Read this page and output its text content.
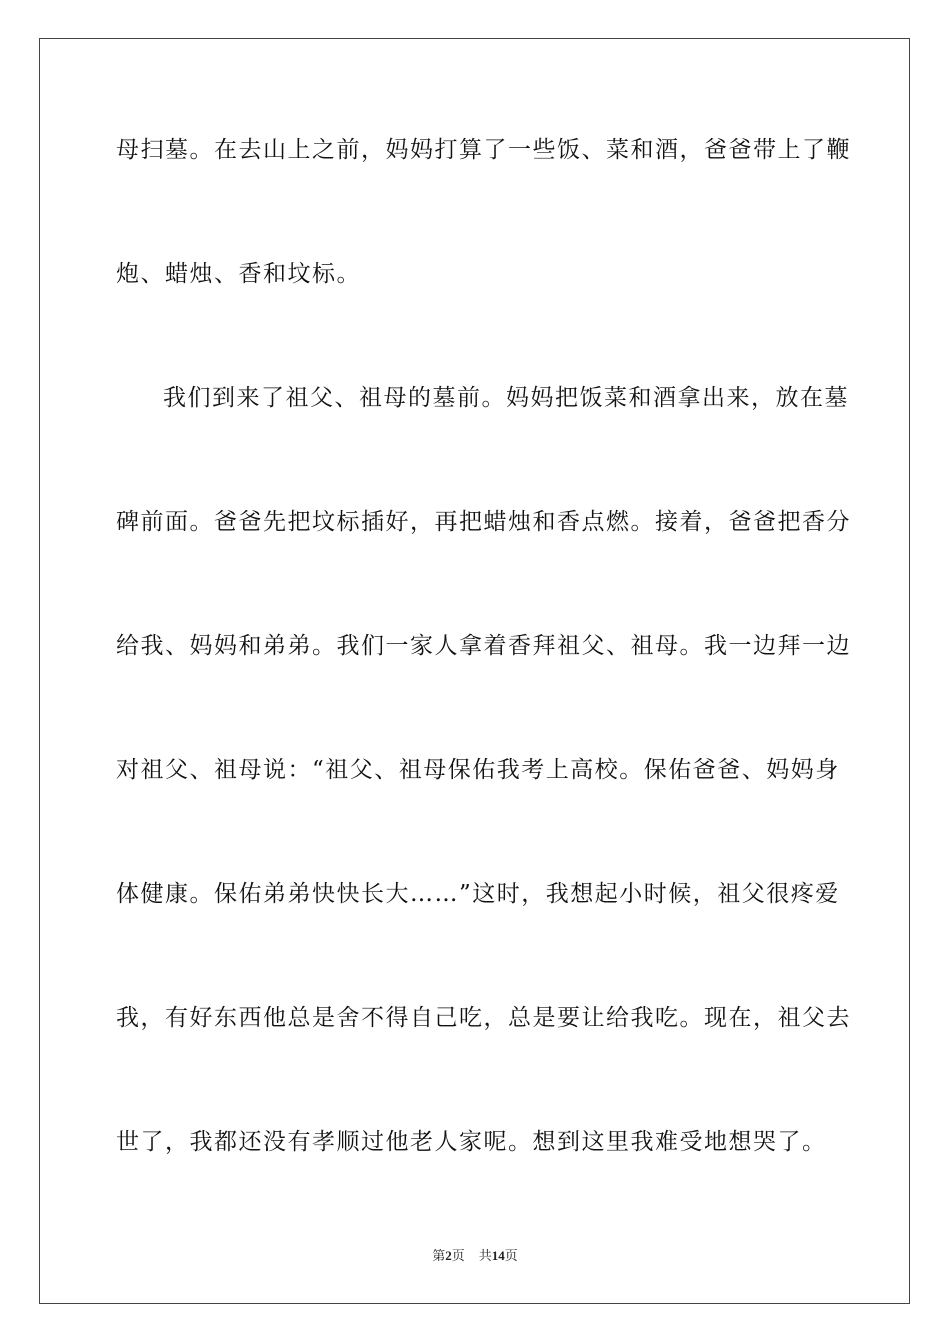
母扫墓。在去山上之前，妈妈打算了一些饭、菜和酒，爸爸带上了鞭
炮、蜡烛、香和坟标。
我们到来了祖父、祖母的墓前。妈妈把饭菜和酒拿出来，放在墓
碑前面。爸爸先把坟标插好，再把蜡烛和香点燃。接着，爸爸把香分
给我、妈妈和弟弟。我们一家人拿着香拜祖父、祖母。我一边拜一边
对祖父、祖母说：“祖父、祖母保佑我考上高校。保佑爸爸、妈妈身
体健康。保佑弟弟快快长大……”这时，我想起小时候，祖父很疼爱
我，有好东西他总是舍不得自己吃，总是要让给我吃。现在，祖父去
世了，我都还没有孝顺过他老人家呢。想到这里我难受地想哭了。
第2页 共14页
